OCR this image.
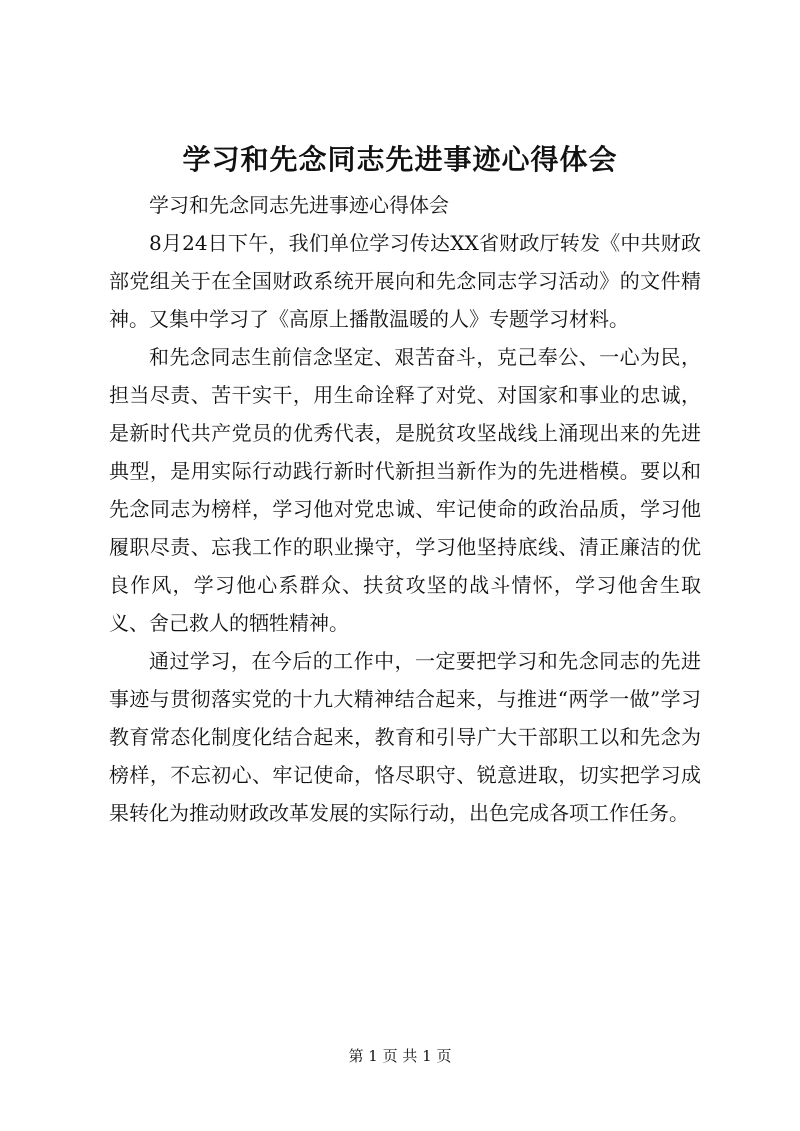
学习和先念同志先进事迹心得体会

学习和先念同志先进事迹心得体会

8月24日下午，我们单位学习传达XX省财政厅转发《中共财政部党组关于在全国财政系统开展向和先念同志学习活动》的文件精神。又集中学习了《高原上播散温暖的人》专题学习材料。

和先念同志生前信念坚定、艰苦奋斗，克己奉公、一心为民，担当尽责、苦干实干，用生命诠释了对党、对国家和事业的忠诚，是新时代共产党员的优秀代表，是脱贫攻坚战线上涌现出来的先进典型，是用实际行动践行新时代新担当新作为的先进楷模。要以和先念同志为榜样，学习他对党忠诚、牢记使命的政治品质，学习他履职尽责、忘我工作的职业操守，学习他坚持底线、清正廉洁的优良作风，学习他心系群众、扶贫攻坚的战斗情怀，学习他舍生取义、舍己救人的牺牲精神。

通过学习，在今后的工作中，一定要把学习和先念同志的先进事迹与贯彻落实党的十九大精神结合起来，与推进“两学一做”学习教育常态化制度化结合起来，教育和引导广大干部职工以和先念为榜样，不忘初心、牢记使命，恪尽职守、锐意进取，切实把学习成果转化为推动财政改革发展的实际行动，出色完成各项工作任务。

第 1 页 共 1 页
